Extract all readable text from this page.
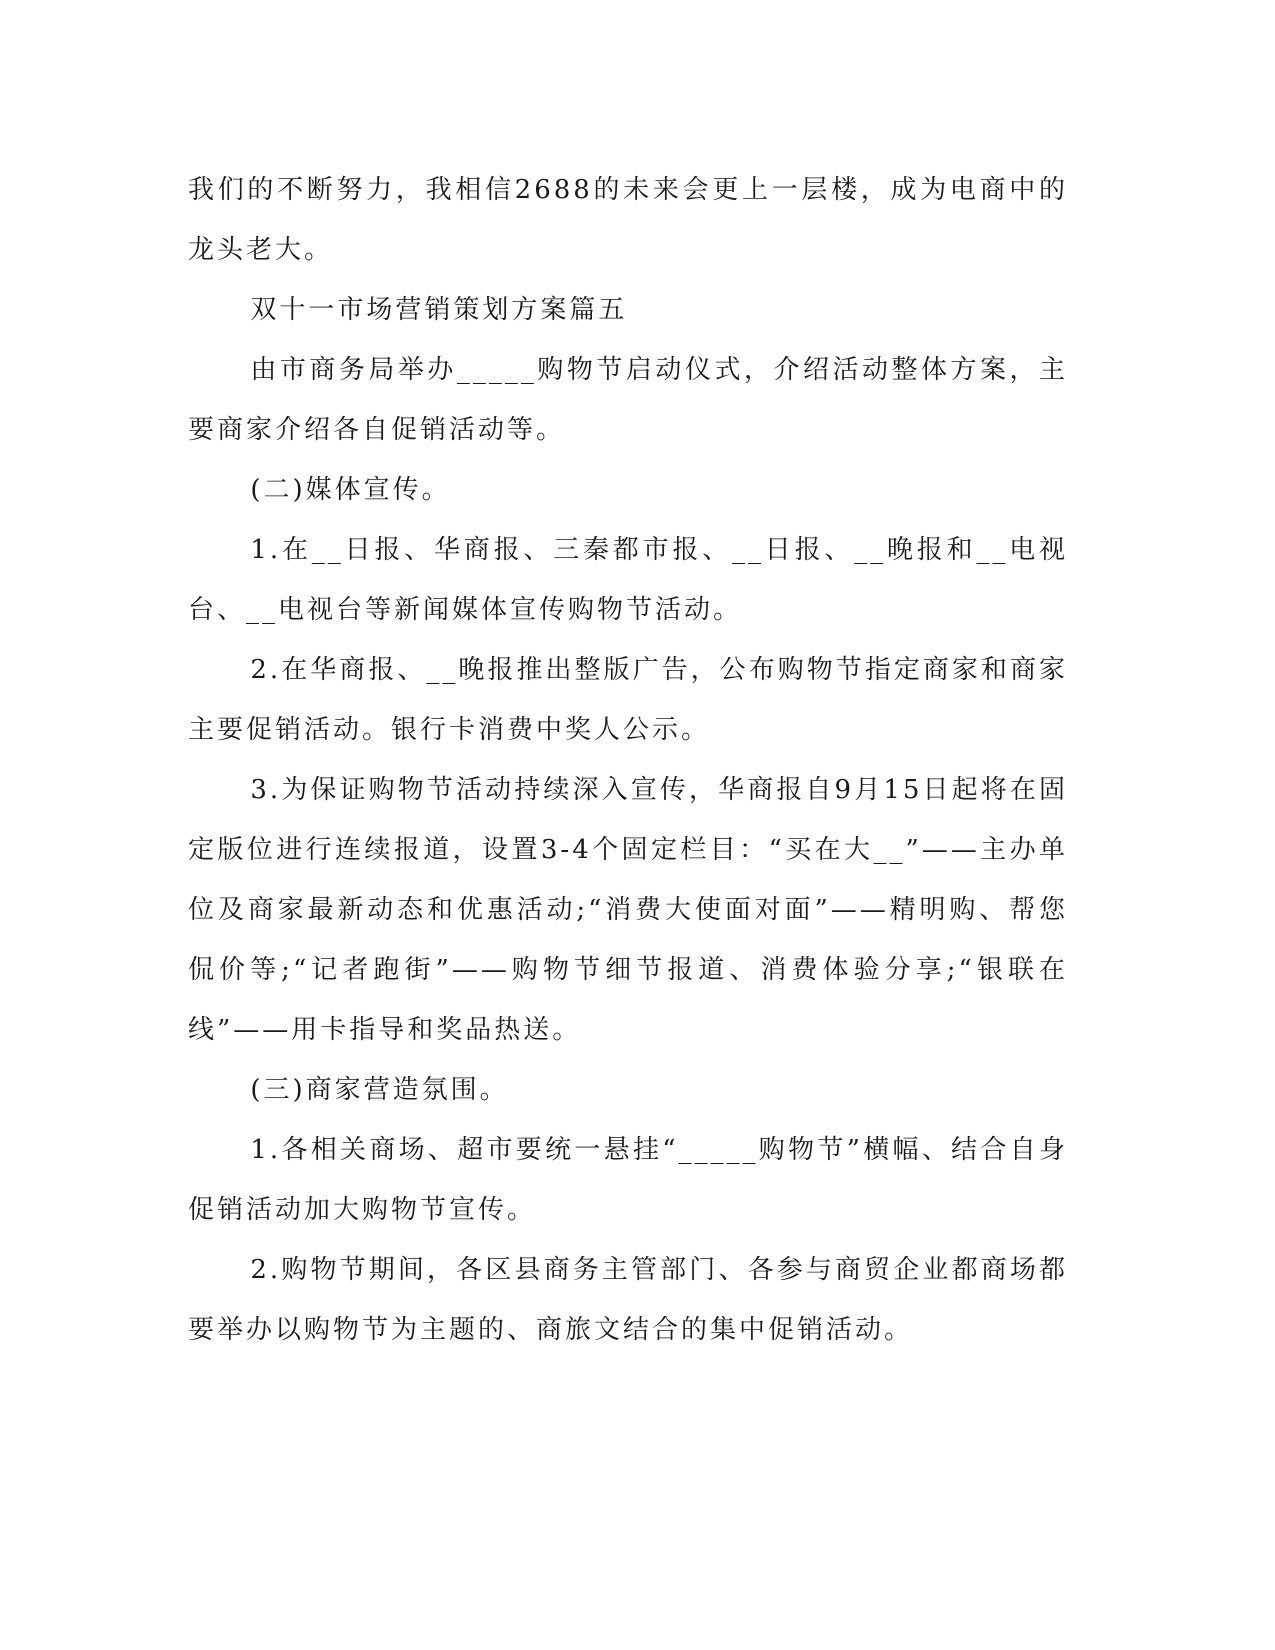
我们的不断努力，我相信2688的未来会更上一层楼，成为电商中的龙头老大。

双十一市场营销策划方案篇五

由市商务局举办_____购物节启动仪式，介绍活动整体方案，主要商家介绍各自促销活动等。

(二)媒体宣传。

1.在__日报、华商报、三秦都市报、__日报、__晚报和__电视台、__电视台等新闻媒体宣传购物节活动。

2.在华商报、__晚报推出整版广告，公布购物节指定商家和商家主要促销活动。银行卡消费中奖人公示。

3.为保证购物节活动持续深入宣传，华商报自9月15日起将在固定版位进行连续报道，设置3-4个固定栏目：“买在大__”——主办单位及商家最新动态和优惠活动;“消费大使面对面”——精明购、帮您侃价等;“记者跑街”——购物节细节报道、消费体验分享;“银联在线”——用卡指导和奖品热送。

(三)商家营造氛围。

1.各相关商场、超市要统一悬挂“_____购物节”横幅、结合自身促销活动加大购物节宣传。

2.购物节期间，各区县商务主管部门、各参与商贸企业都商场都要举办以购物节为主题的、商旅文结合的集中促销活动。
